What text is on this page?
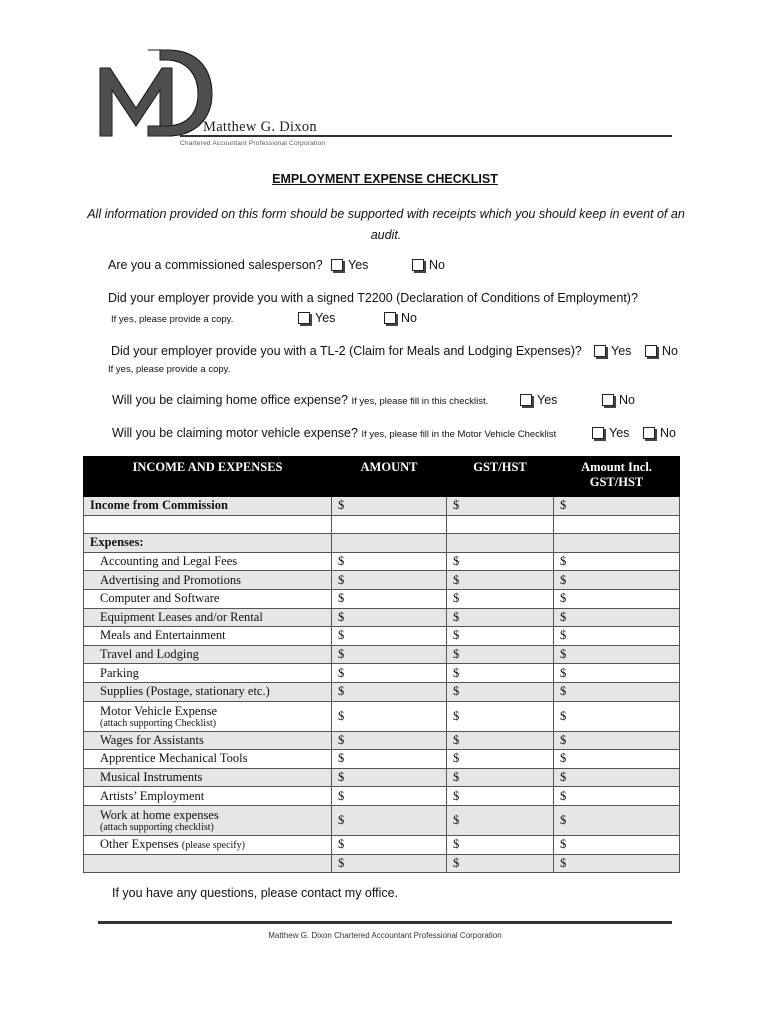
Matthew G. Dixon
Chartered Accountant Professional Corporation
EMPLOYMENT EXPENSE CHECKLIST
All information provided on this form should be supported with receipts which you should keep in event of an audit.
Are you a commissioned salesperson? Yes	No
Did your employer provide you with a signed T2200 (Declaration of Conditions of Employment)?
If yes, please provide a copy.	Yes	No
Did your employer provide you with a TL-2 (Claim for Meals and Lodging Expenses)?
If yes, please provide a copy.
Yes No
Will you be claiming home office expense? If yes, please fill in this checklist.	Yes	No
Will you be claiming motor vehicle expense? If yes, please fill in the Motor Vehicle Checklist	Yes No
INCOME AND EXPENSES	AMOUNT	GST/HST	Amount Incl. GST/HST
Income from Commission	$	$	$

Expenses:			
Accounting and Legal Fees	$	$	$
Advertising and Promotions	$	$	$
Computer and Software	$	$	$
Equipment Leases and/or Rental	$	$	$
Meals and Entertainment	$	$	$
Travel and Lodging	$	$	$
Parking	$	$	$
Supplies (Postage, stationary etc.)	$	$	$

Motor Vehicle Expense
(attach supporting Checklist)	$	$	$
Wages for Assistants	$	$	$
Apprentice Mechanical Tools	$	$	$
Musical Instruments	$	$	$
Artists’ Employment	$	$	$

Work at home expenses
(attach supporting checklist)	$	$	$
Other Expenses (please specify)	$	$	$
	$	$	$
If you have any questions, please contact my office.
Matthew G. Dixon Chartered Accountant Professional Corporation
